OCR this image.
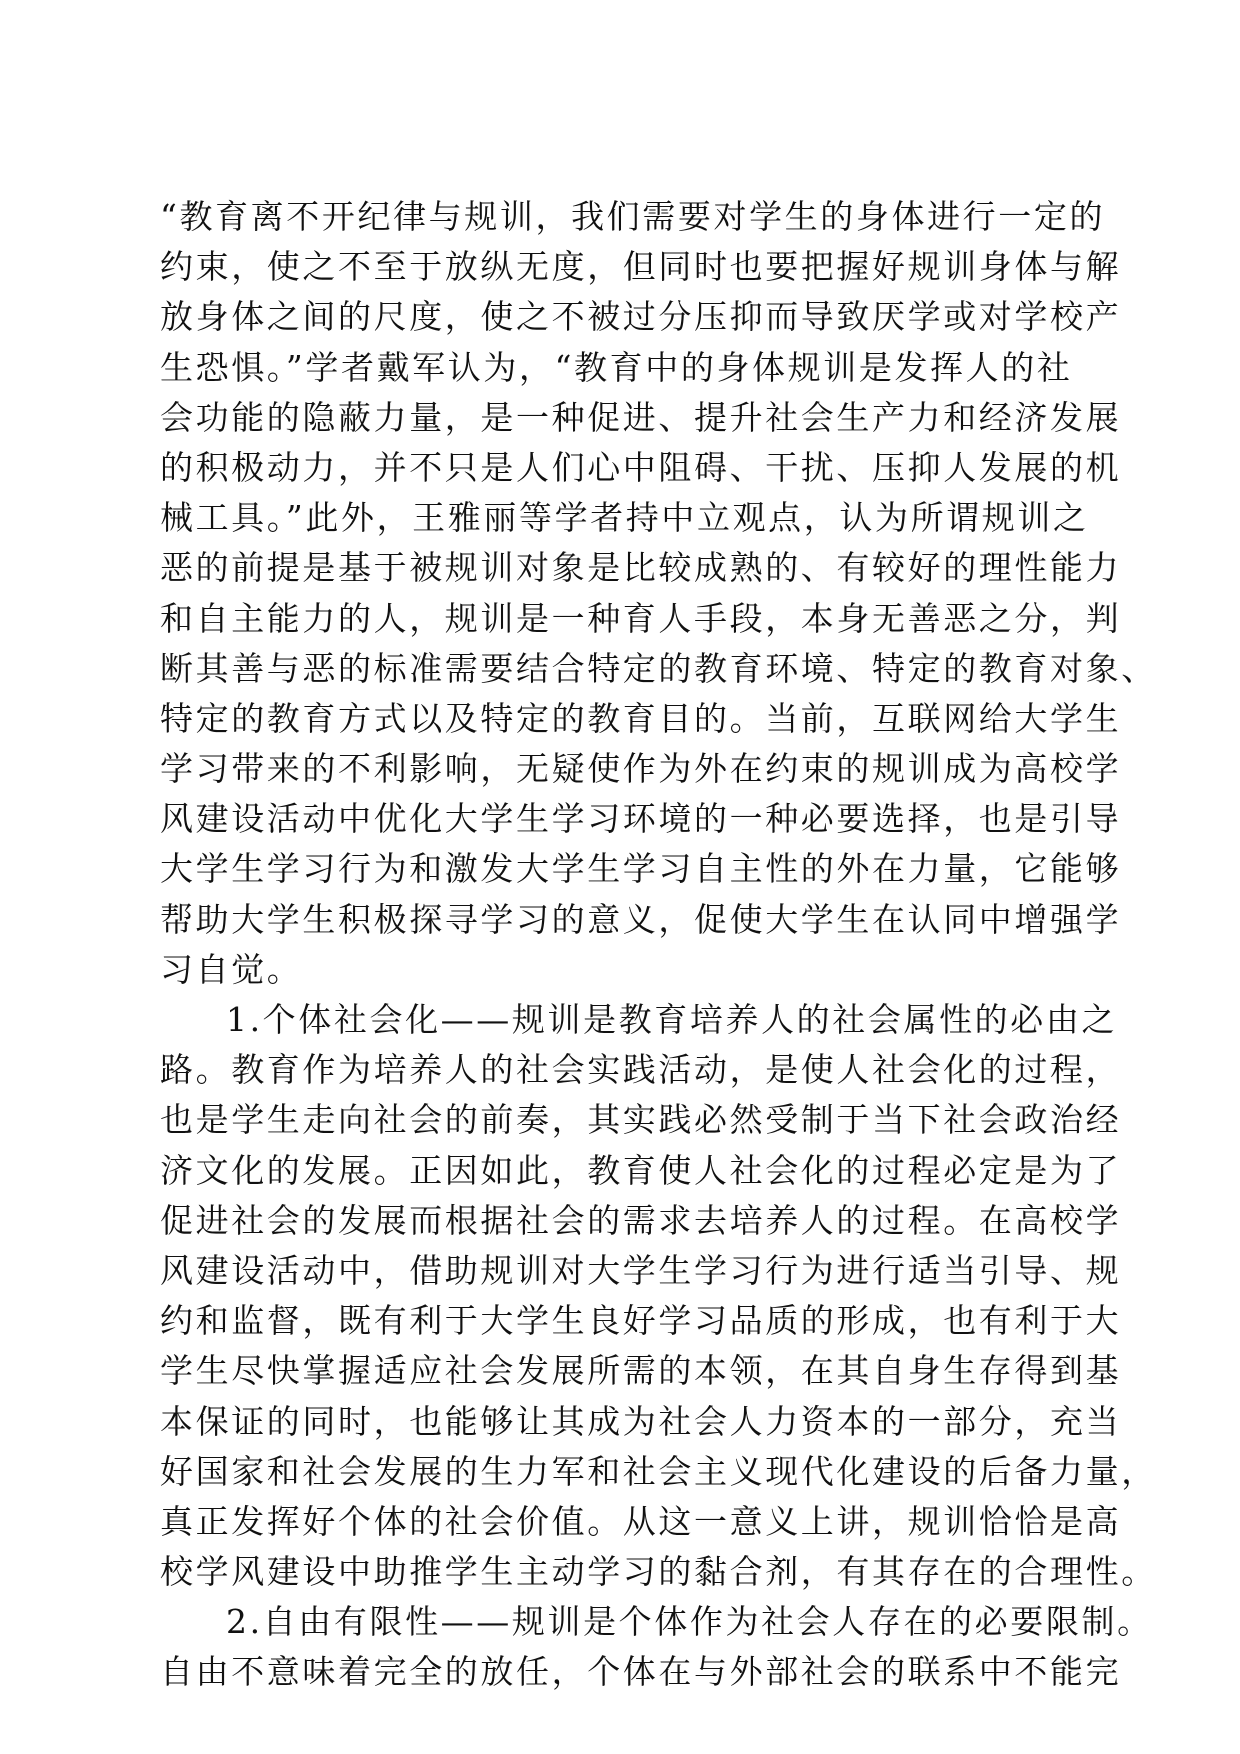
“教育离不开纪律与规训，我们需要对学生的身体进行一定的
约束，使之不至于放纵无度，但同时也要把握好规训身体与解
放身体之间的尺度，使之不被过分压抑而导致厌学或对学校产
生恐惧。”学者戴军认为，“教育中的身体规训是发挥人的社
会功能的隐蔽力量，是一种促进、提升社会生产力和经济发展
的积极动力，并不只是人们心中阻碍、干扰、压抑人发展的机
械工具。”此外，王雅丽等学者持中立观点，认为所谓规训之
恶的前提是基于被规训对象是比较成熟的、有较好的理性能力
和自主能力的人，规训是一种育人手段，本身无善恶之分，判
断其善与恶的标准需要结合特定的教育环境、特定的教育对象、
特定的教育方式以及特定的教育目的。当前，互联网给大学生
学习带来的不利影响，无疑使作为外在约束的规训成为高校学
风建设活动中优化大学生学习环境的一种必要选择，也是引导
大学生学习行为和激发大学生学习自主性的外在力量，它能够
帮助大学生积极探寻学习的意义，促使大学生在认同中增强学
习自觉。
1.个体社会化——规训是教育培养人的社会属性的必由之
路。教育作为培养人的社会实践活动，是使人社会化的过程，
也是学生走向社会的前奏，其实践必然受制于当下社会政治经
济文化的发展。正因如此，教育使人社会化的过程必定是为了
促进社会的发展而根据社会的需求去培养人的过程。在高校学
风建设活动中，借助规训对大学生学习行为进行适当引导、规
约和监督，既有利于大学生良好学习品质的形成，也有利于大
学生尽快掌握适应社会发展所需的本领，在其自身生存得到基
本保证的同时，也能够让其成为社会人力资本的一部分，充当
好国家和社会发展的生力军和社会主义现代化建设的后备力量，
真正发挥好个体的社会价值。从这一意义上讲，规训恰恰是高
校学风建设中助推学生主动学习的黏合剂，有其存在的合理性。
2.自由有限性——规训是个体作为社会人存在的必要限制。
自由不意味着完全的放任，个体在与外部社会的联系中不能完
